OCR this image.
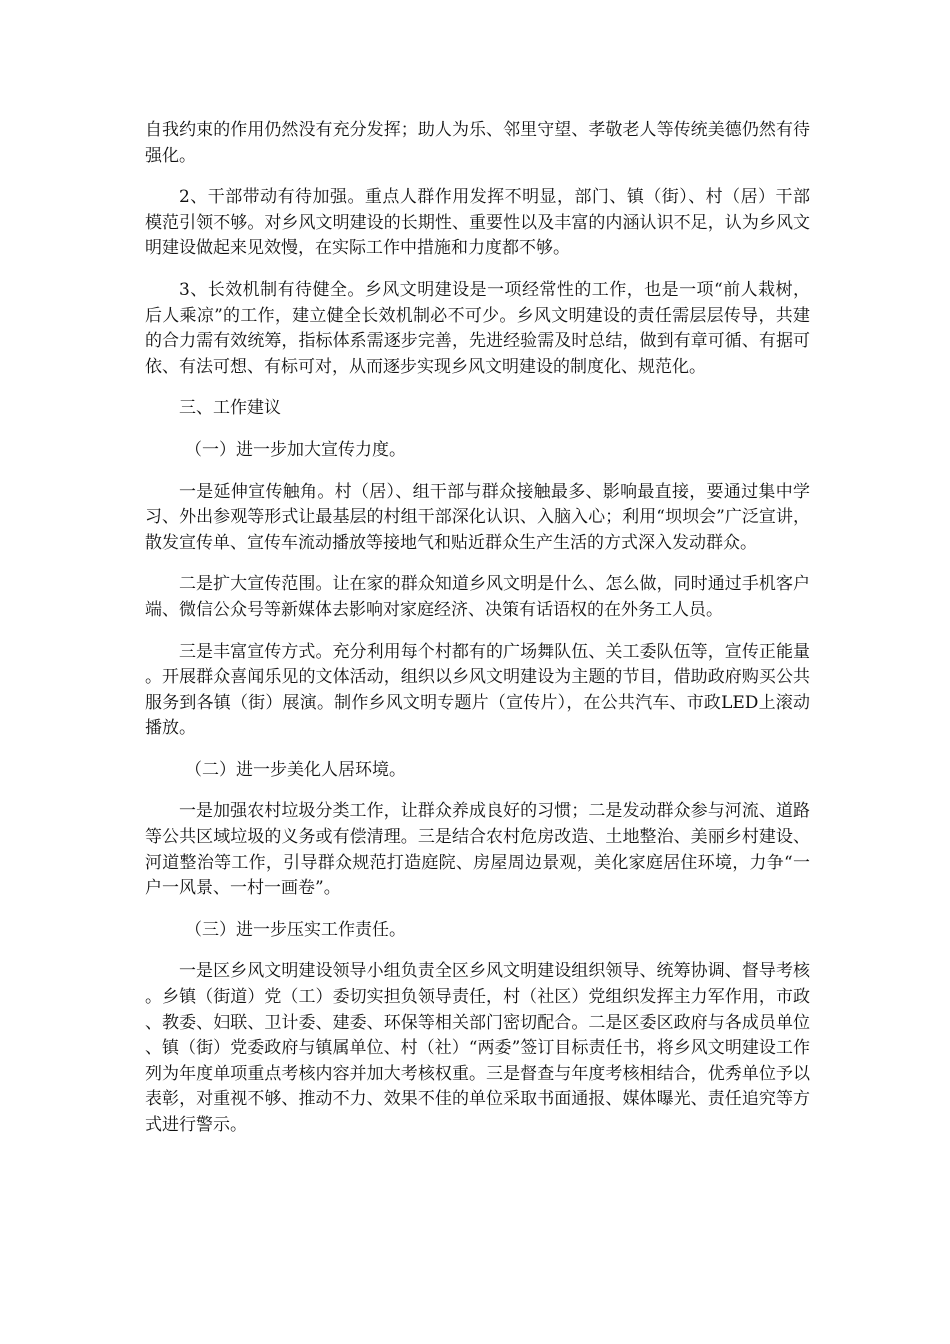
自我约束的作用仍然没有充分发挥；助人为乐、邻里守望、孝敬老人等传统美德仍然有待强化。

2、干部带动有待加强。重点人群作用发挥不明显，部门、镇（街）、村（居）干部模范引领不够。对乡风文明建设的长期性、重要性以及丰富的内涵认识不足，认为乡风文明建设做起来见效慢，在实际工作中措施和力度都不够。

3、长效机制有待健全。乡风文明建设是一项经常性的工作，也是一项“前人栽树，后人乘凉”的工作，建立健全长效机制必不可少。乡风文明建设的责任需层层传导，共建的合力需有效统筹，指标体系需逐步完善，先进经验需及时总结，做到有章可循、有据可依、有法可想、有标可对，从而逐步实现乡风文明建设的制度化、规范化。

三、工作建议

（一）进一步加大宣传力度。

一是延伸宣传触角。村（居）、组干部与群众接触最多、影响最直接，要通过集中学习、外出参观等形式让最基层的村组干部深化认识、入脑入心；利用“坝坝会”广泛宣讲，散发宣传单、宣传车流动播放等接地气和贴近群众生产生活的方式深入发动群众。

二是扩大宣传范围。让在家的群众知道乡风文明是什么、怎么做，同时通过手机客户端、微信公众号等新媒体去影响对家庭经济、决策有话语权的在外务工人员。

三是丰富宣传方式。充分利用每个村都有的广场舞队伍、关工委队伍等，宣传正能量。开展群众喜闻乐见的文体活动，组织以乡风文明建设为主题的节目，借助政府购买公共服务到各镇（街）展演。制作乡风文明专题片（宣传片），在公共汽车、市政LED上滚动播放。

（二）进一步美化人居环境。

一是加强农村垃圾分类工作，让群众养成良好的习惯；二是发动群众参与河流、道路等公共区域垃圾的义务或有偿清理。三是结合农村危房改造、土地整治、美丽乡村建设、河道整治等工作，引导群众规范打造庭院、房屋周边景观，美化家庭居住环境，力争“一户一风景、一村一画卷”。

（三）进一步压实工作责任。

一是区乡风文明建设领导小组负责全区乡风文明建设组织领导、统筹协调、督导考核。乡镇（街道）党（工）委切实担负领导责任，村（社区）党组织发挥主力军作用，市政、教委、妇联、卫计委、建委、环保等相关部门密切配合。二是区委区政府与各成员单位、镇（街）党委政府与镇属单位、村（社）“两委”签订目标责任书，将乡风文明建设工作列为年度单项重点考核内容并加大考核权重。三是督查与年度考核相结合，优秀单位予以表彰，对重视不够、推动不力、效果不佳的单位采取书面通报、媒体曝光、责任追究等方式进行警示。
